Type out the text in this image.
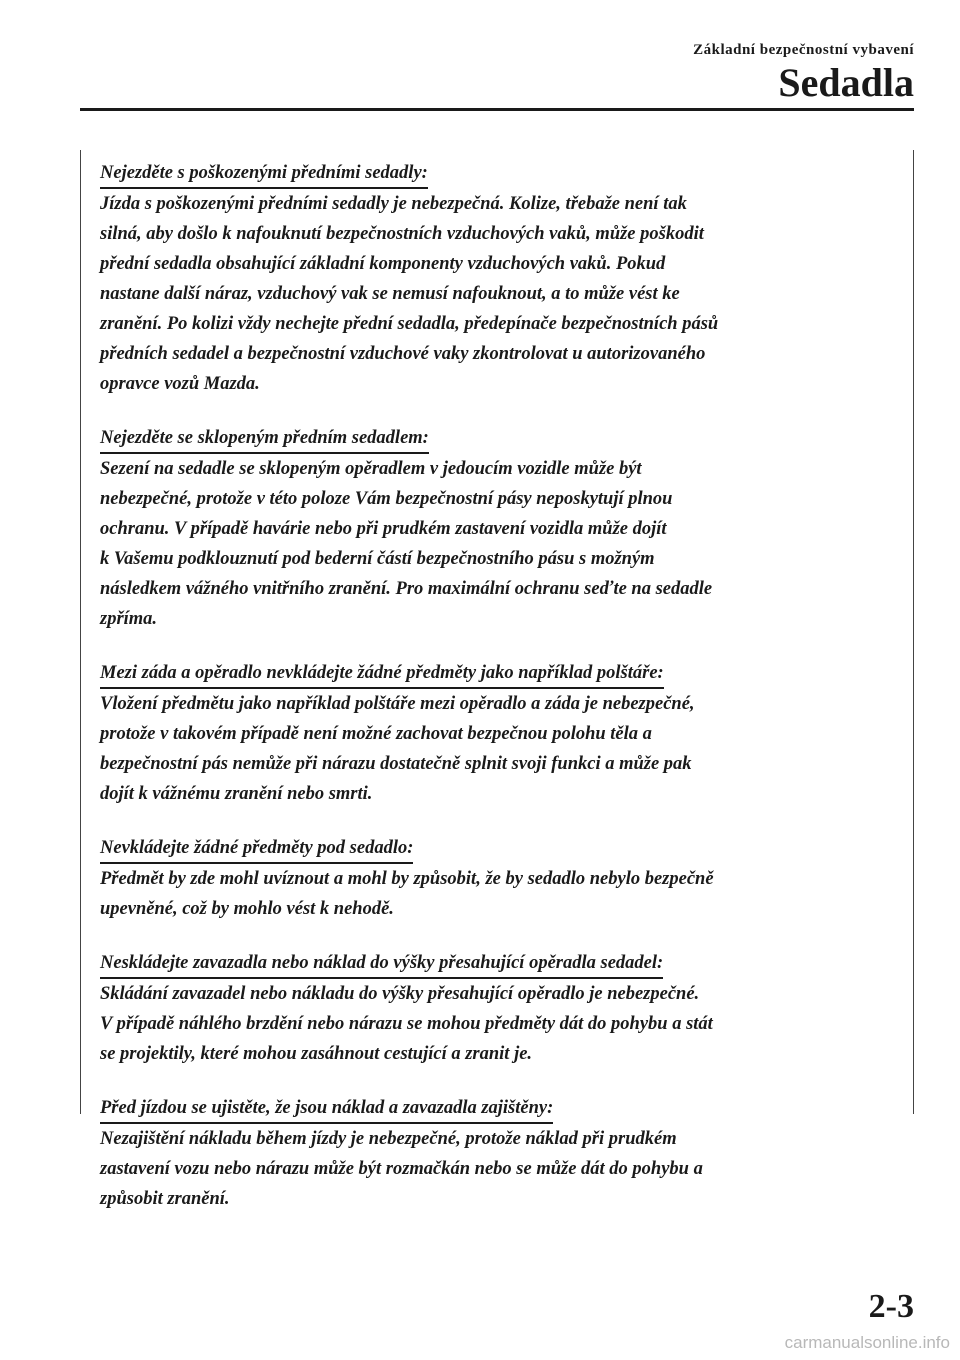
Základní bezpečnostní vybavení
Sedadla
Nejezděte s poškozenými předními sedadly:

Jízda s poškozenými předními sedadly je nebezpečná. Kolize, třebaže není tak
silná, aby došlo k nafouknutí bezpečnostních vzduchových vaků, může poškodit
přední sedadla obsahující základní komponenty vzduchových vaků. Pokud
nastane další náraz, vzduchový vak se nemusí nafouknout, a to může vést ke
zranění. Po kolizi vždy nechejte přední sedadla, předepínače bezpečnostních pásů
předních sedadel a bezpečnostní vzduchové vaky zkontrolovat u autorizovaného
opravce vozů Mazda.

Nejezděte se sklopeným předním sedadlem:

Sezení na sedadle se sklopeným opěradlem v jedoucím vozidle může být
nebezpečné, protože v této poloze Vám bezpečnostní pásy neposkytují plnou
ochranu. V případě havárie nebo při prudkém zastavení vozidla může dojít
k Vašemu podklouznutí pod bederní částí bezpečnostního pásu s možným
následkem vážného vnitřního zranění. Pro maximální ochranu seďte na sedadle
zpříma.

Mezi záda a opěradlo nevkládejte žádné předměty jako například polštáře:

Vložení předmětu jako například polštáře mezi opěradlo a záda je nebezpečné,
protože v takovém případě není možné zachovat bezpečnou polohu těla a
bezpečnostní pás nemůže při nárazu dostatečně splnit svoji funkci a může pak
dojít k vážnému zranění nebo smrti.

Nevkládejte žádné předměty pod sedadlo:

Předmět by zde mohl uvíznout a mohl by způsobit, že by sedadlo nebylo bezpečně
upevněné, což by mohlo vést k nehodě.

Neskládejte zavazadla nebo náklad do výšky přesahující opěradla sedadel:

Skládání zavazadel nebo nákladu do výšky přesahující opěradlo je nebezpečné.
V případě náhlého brzdění nebo nárazu se mohou předměty dát do pohybu a stát
se projektily, které mohou zasáhnout cestující a zranit je.

Před jízdou se ujistěte, že jsou náklad a zavazadla zajištěny:

Nezajištění nákladu během jízdy je nebezpečné, protože náklad při prudkém
zastavení vozu nebo nárazu může být rozmačkán nebo se může dát do pohybu a
způsobit zranění.

2-3
carmanualsonline.info
